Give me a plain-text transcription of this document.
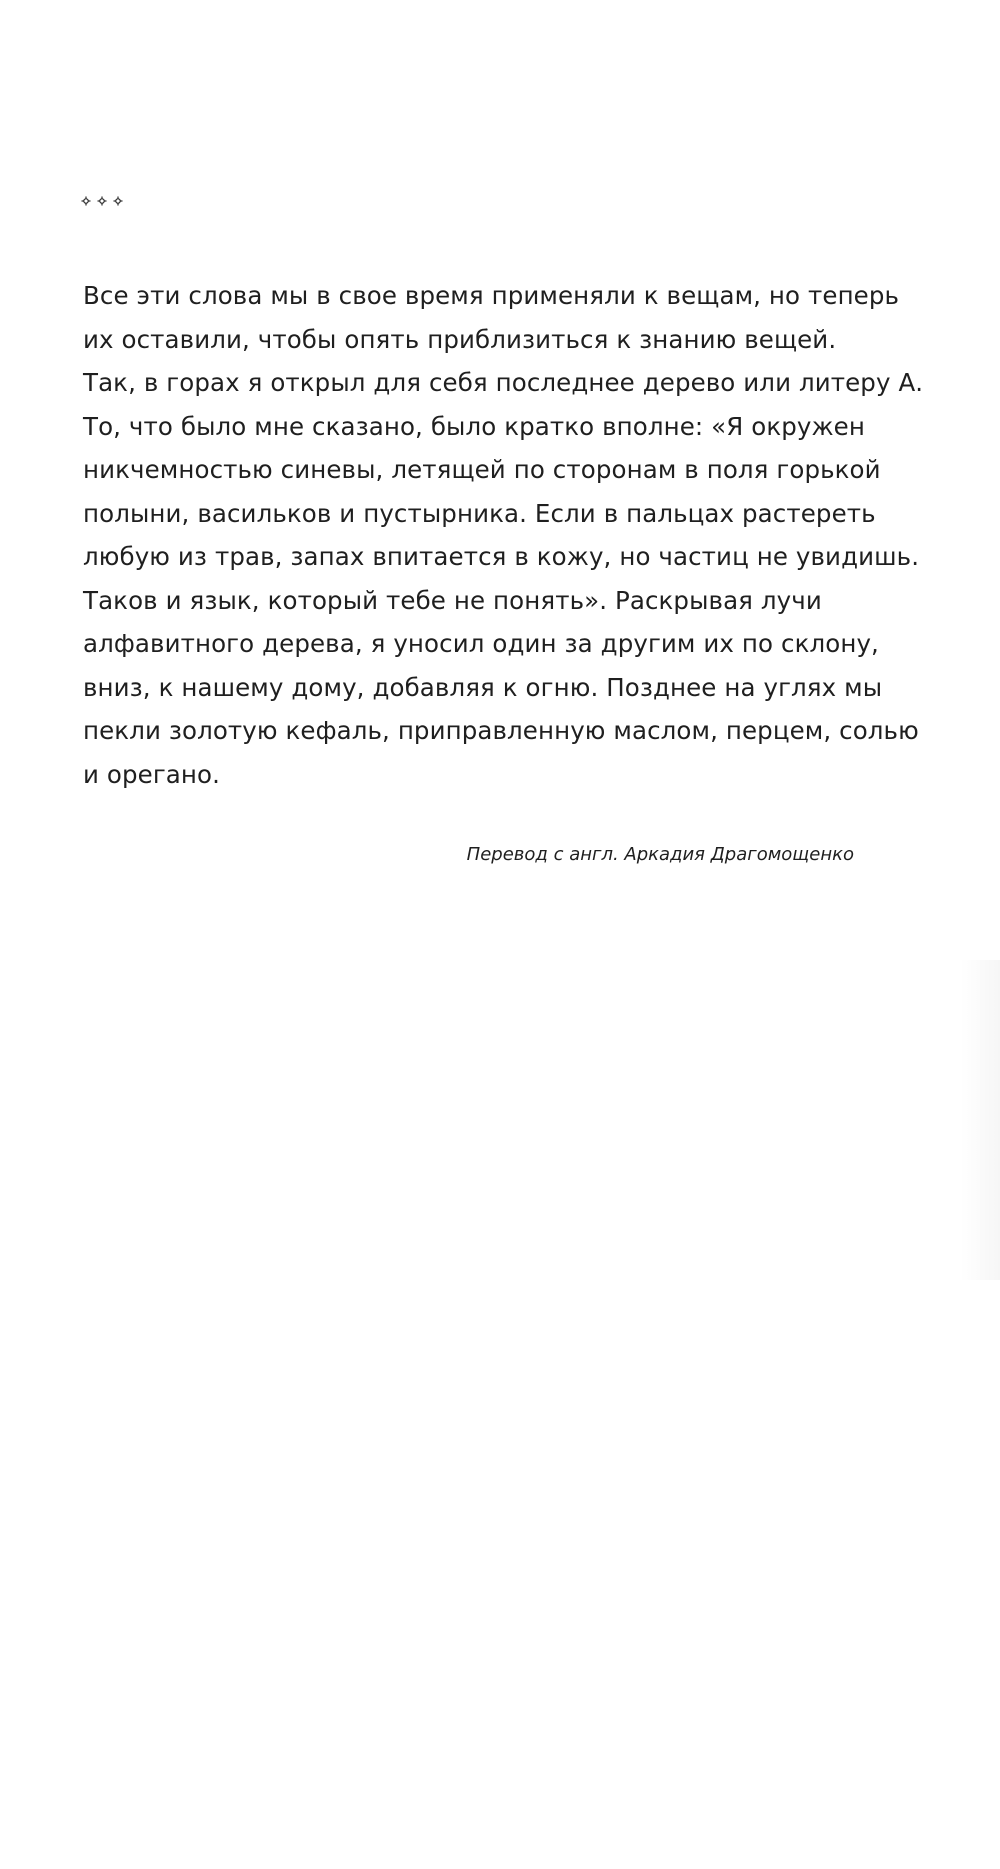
Все эти слова мы в свое время применяли к вещам, но теперь
их оставили, чтобы опять приблизиться к знанию вещей.
Так, в горах я открыл для себя последнее дерево или литеру А.
То, что было мне сказано, было кратко вполне: «Я окружен
никчемностью синевы, летящей по сторонам в поля горькой
полыни, васильков и пустырника. Если в пальцах растереть
любую из трав, запах впитается в кожу, но частиц не увидишь.
Таков и язык, который тебе не понять». Раскрывая лучи
алфавитного дерева, я уносил один за другим их по склону,
вниз, к нашему дому, добавляя к огню. Позднее на углях мы
пекли золотую кефаль, приправленную маслом, перцем, солью
и орегано.

Перевод с англ. Аркадия Драгомощенко
